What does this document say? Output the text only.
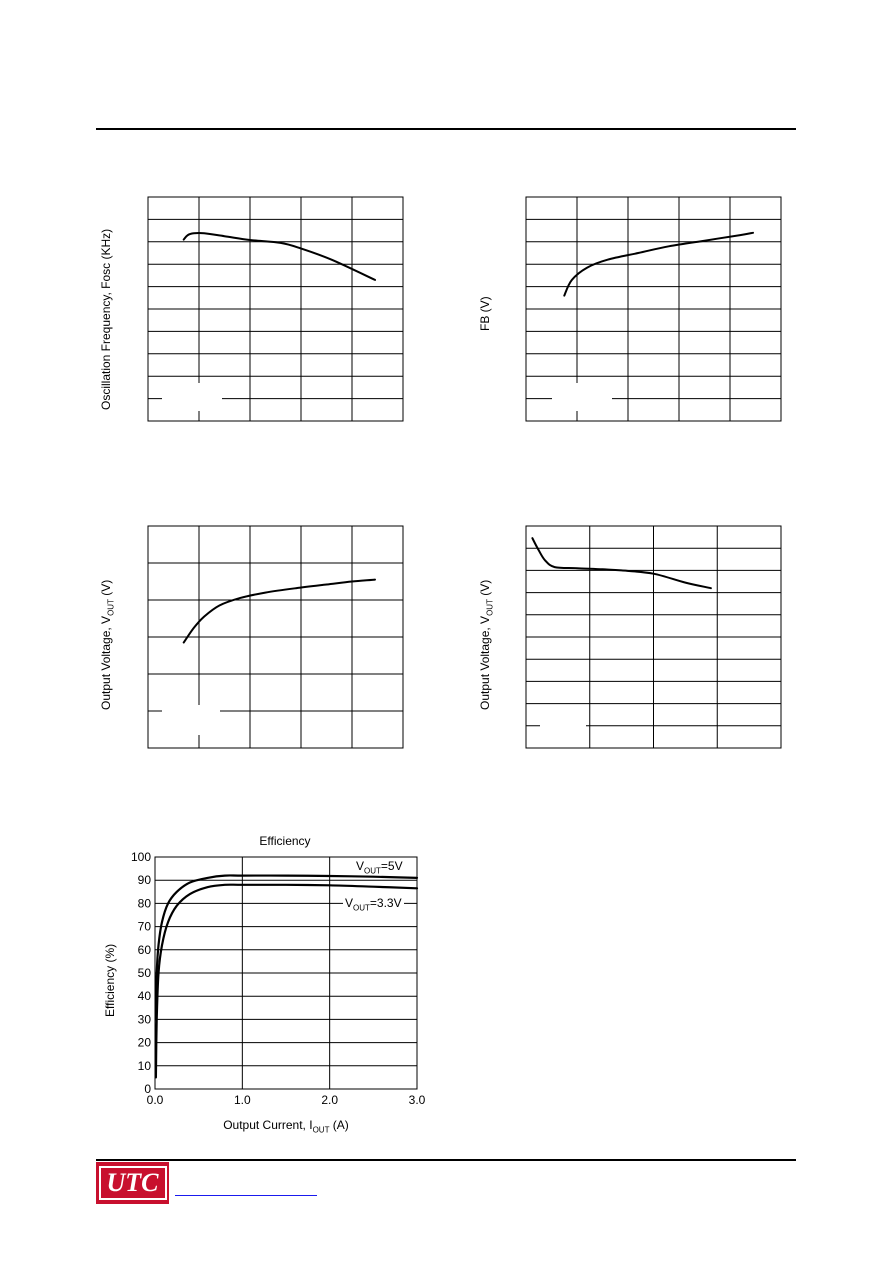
Oscillation Frequency, Fosc (KHz)	FB (V)
Output Voltage, $V_{OUT}$ (V)
Output Voltage, $V_{OUT}$ (V)
Efficiency
Efficiency (%)
Output Current, $I_{OUT}$ (A)
0
10
20
30
40
50
60
70
80
90
100
0.0	1.0	2.0	3.0
$V_{OUT}=5V$
$V_{OUT}=3.3V$
UTC
